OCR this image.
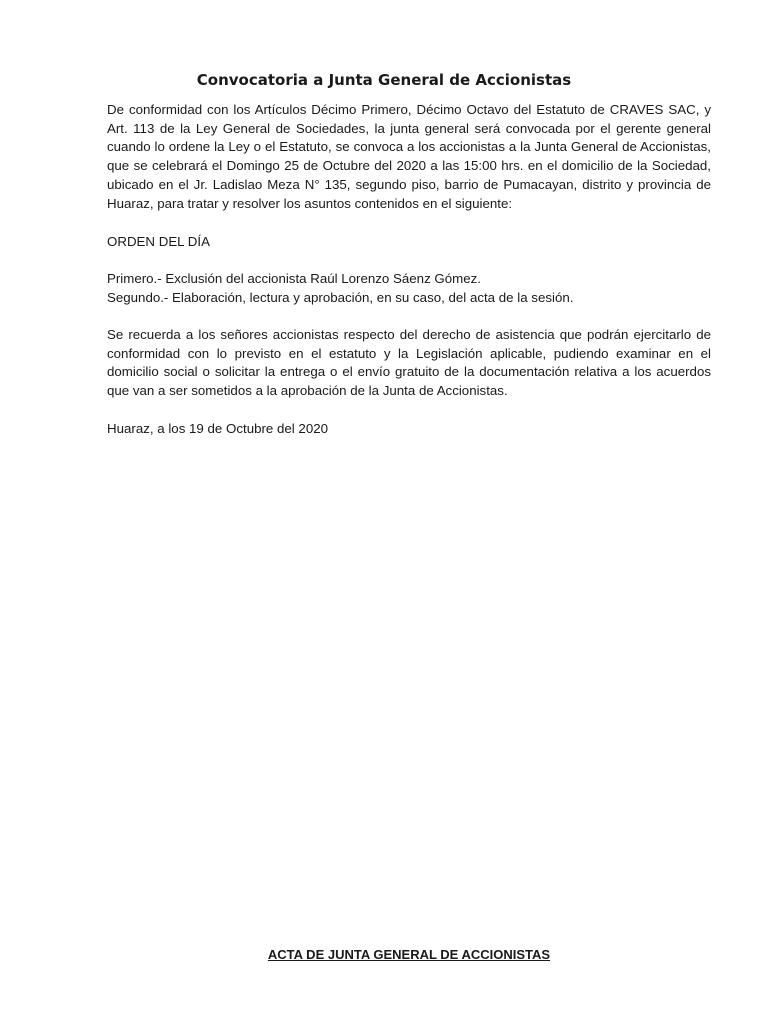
Convocatoria a Junta General de Accionistas
De conformidad con los Artículos Décimo Primero, Décimo Octavo del Estatuto de CRAVES SAC, y Art. 113 de la Ley General de Sociedades, la junta general será convocada por el gerente general cuando lo ordene la Ley o el Estatuto, se convoca a los accionistas a la Junta General de Accionistas, que se celebrará el Domingo 25 de Octubre del 2020 a las 15:00 hrs. en el domicilio de la Sociedad, ubicado en el Jr. Ladislao Meza N° 135, segundo piso, barrio de Pumacayan, distrito y provincia de Huaraz, para tratar y resolver los asuntos contenidos en el siguiente:
ORDEN DEL DÍA
Primero.- Exclusión del accionista Raúl Lorenzo Sáenz Gómez.
Segundo.- Elaboración, lectura y aprobación, en su caso, del acta de la sesión.
Se recuerda a los señores accionistas respecto del derecho de asistencia que podrán ejercitarlo de conformidad con lo previsto en el estatuto y la Legislación aplicable, pudiendo examinar en el domicilio social o solicitar la entrega o el envío gratuito de la documentación relativa a los acuerdos que van a ser sometidos a la aprobación de la Junta de Accionistas.
Huaraz, a los 19 de Octubre del 2020
ACTA DE JUNTA GENERAL DE ACCIONISTAS
